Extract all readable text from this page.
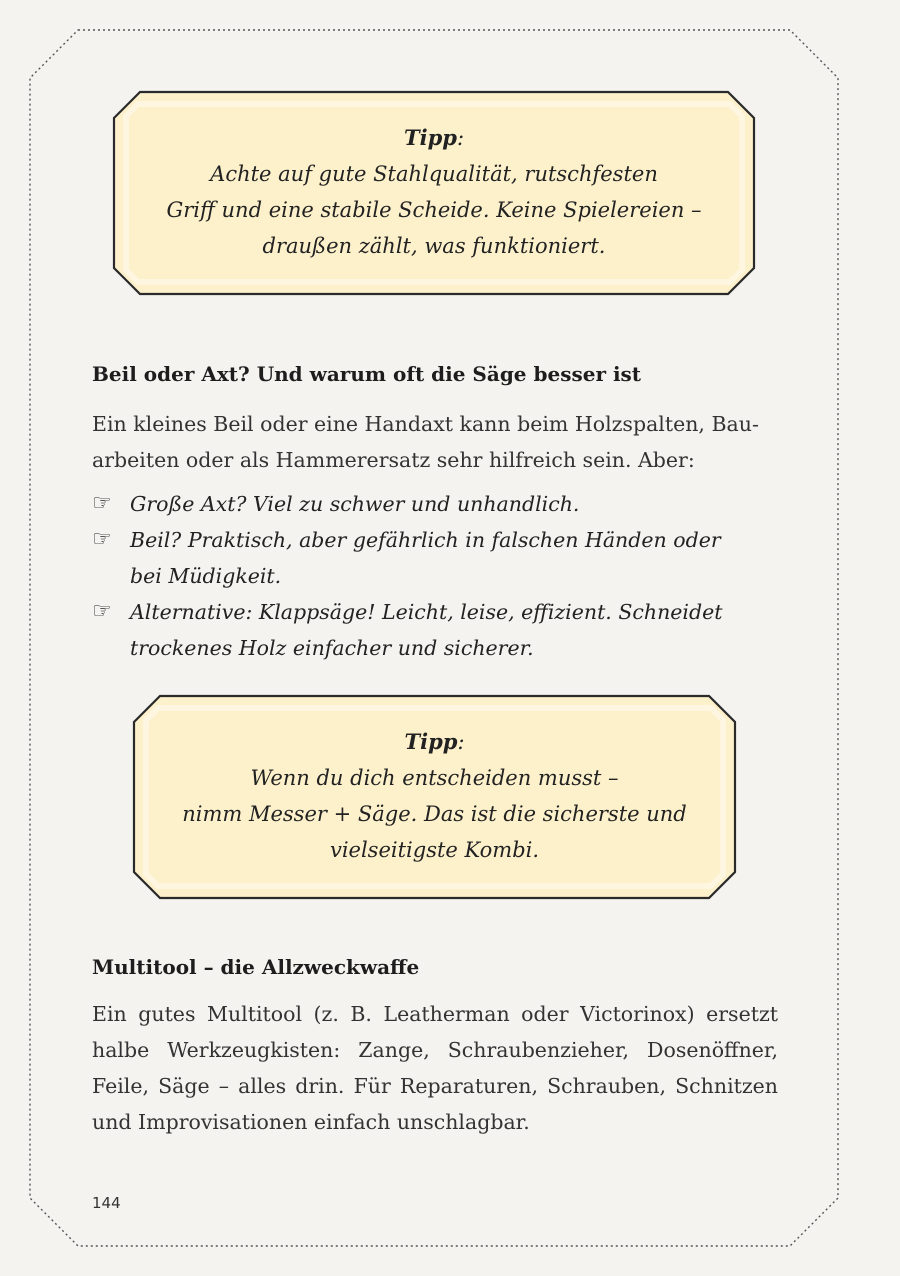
Tipp:
Achte auf gute Stahlqualität, rutschfesten
Griff und eine stabile Scheide. Keine Spielereien –
draußen zählt, was funktioniert.
Beil oder Axt? Und warum oft die Säge besser ist
Ein kleines Beil oder eine Handaxt kann beim Holzspalten, Bau-
arbeiten oder als Hammerersatz sehr hilfreich sein. Aber:
☞ Große Axt? Viel zu schwer und unhandlich.
☞ Beil? Praktisch, aber gefährlich in falschen Händen oder
bei Müdigkeit.
☞ Alternative: Klappsäge! Leicht, leise, effizient. Schneidet
trockenes Holz einfacher und sicherer.
Tipp:
Wenn du dich entscheiden musst –
nimm Messer + Säge. Das ist die sicherste und
vielseitigste Kombi.
Multitool – die Allzweckwaffe
Ein gutes Multitool (z. B. Leatherman oder Victorinox) ersetzt
halbe Werkzeugkisten: Zange, Schraubenzieher, Dosenöffner,
Feile, Säge – alles drin. Für Reparaturen, Schrauben, Schnitzen
und Improvisationen einfach unschlagbar.
144
